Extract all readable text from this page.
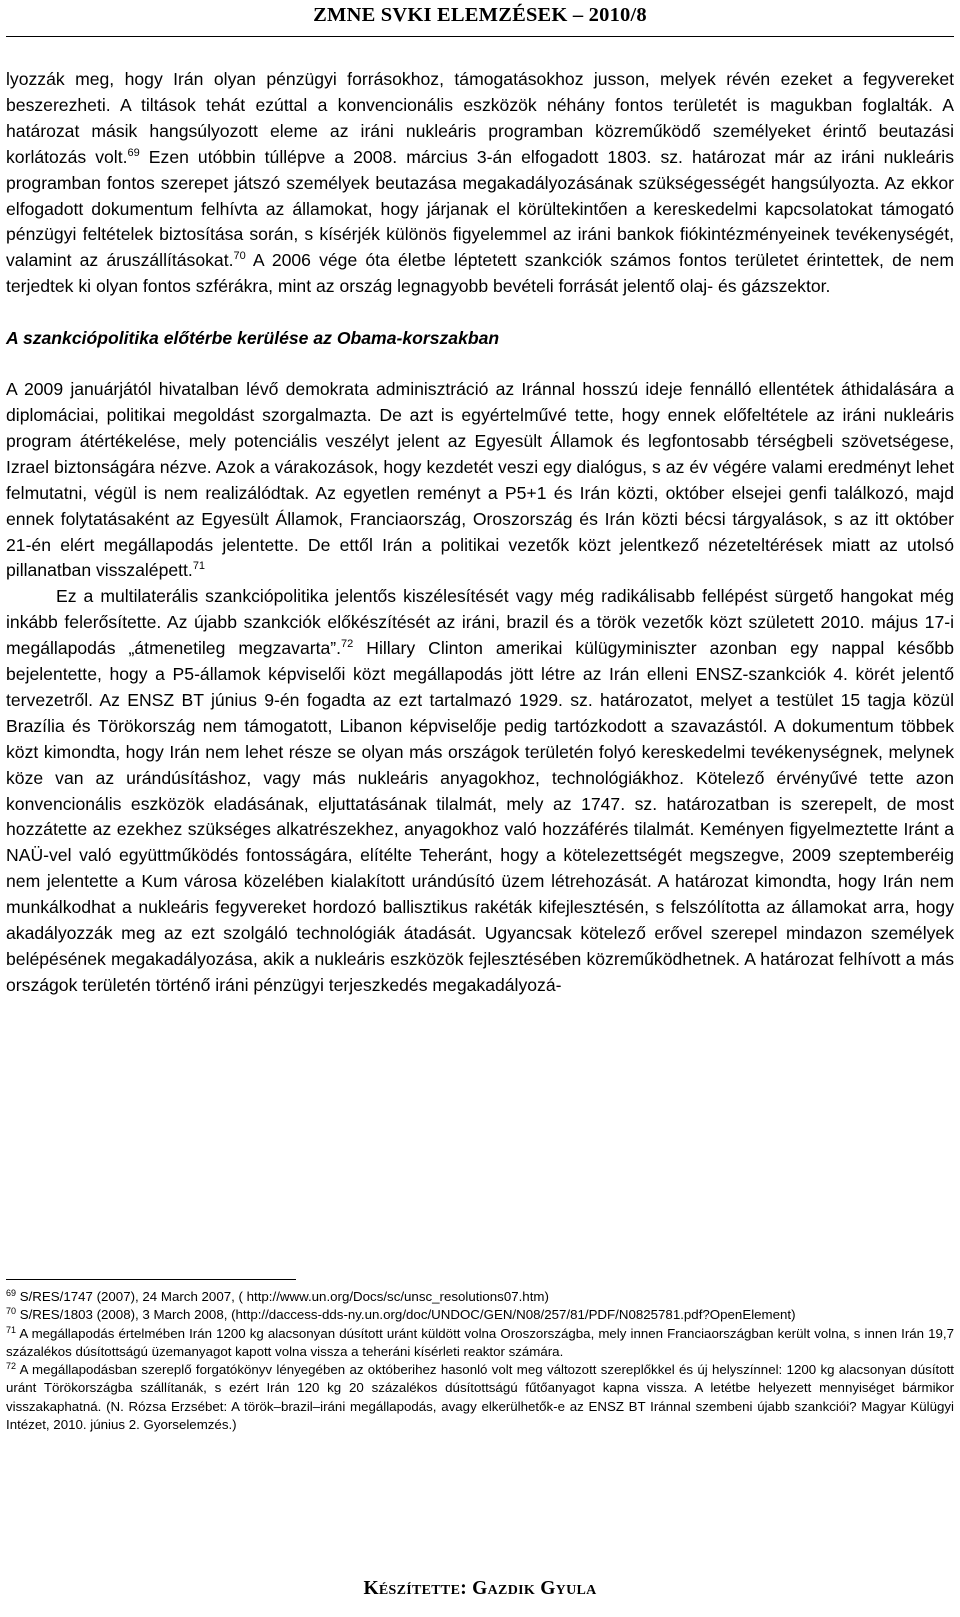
ZMNE SVKI ELEMZÉSEK – 2010/8

lyozzák meg, hogy Irán olyan pénzügyi forrásokhoz, támogatásokhoz jusson, melyek révén ezeket a fegyvereket beszerezheti. A tiltások tehát ezúttal a konvencionális eszközök néhány fontos területét is magukban foglalták. A határozat másik hangsúlyozott eleme az iráni nukleáris programban közreműködő személyeket érintő beutazási korlátozás volt.$^{69}$ Ezen utóbbin túllépve a 2008. március 3-án elfogadott 1803. sz. határozat már az iráni nukleáris programban fontos szerepet játszó személyek beutazása megakadályozásának szükségességét hangsúlyozta. Az ekkor elfogadott dokumentum felhívta az államokat, hogy járjanak el körültekintően a kereskedelmi kapcsolatokat támogató pénzügyi feltételek biztosítása során, s kísérjék különös figyelemmel az iráni bankok fiókintézményeinek tevékenységét, valamint az áruszállításokat.$^{70}$ A 2006 vége óta életbe léptetett szankciók számos fontos területet érintettek, de nem terjedtek ki olyan fontos szférákra, mint az ország legnagyobb bevételi forrását jelentő olaj- és gázszektor.

A szankciópolitika előtérbe kerülése az Obama-korszakban

A 2009 januárjától hivatalban lévő demokrata adminisztráció az Iránnal hosszú ideje fennálló ellentétek áthidalására a diplomáciai, politikai megoldást szorgalmazta. De azt is egyértelművé tette, hogy ennek előfeltétele az iráni nukleáris program átértékelése, mely potenciális veszélyt jelent az Egyesült Államok és legfontosabb térségbeli szövetségese, Izrael biztonságára nézve. Azok a várakozások, hogy kezdetét veszi egy dialógus, s az év végére valami eredményt lehet felmutatni, végül is nem realizálódtak. Az egyetlen reményt a P5+1 és Irán közti, október elsejei genfi találkozó, majd ennek folytatásaként az Egyesült Államok, Franciaország, Oroszország és Irán közti bécsi tárgyalások, s az itt október 21-én elért megállapodás jelentette. De ettől Irán a politikai vezetők közt jelentkező nézeteltérések miatt az utolsó pillanatban visszalépett.$^{71}$

Ez a multilaterális szankciópolitika jelentős kiszélesítését vagy még radikálisabb fellépést sürgető hangokat még inkább felerősítette. Az újabb szankciók előkészítését az iráni, brazil és a török vezetők közt született 2010. május 17-i megállapodás „átmenetileg megzavarta”.$^{72}$ Hillary Clinton amerikai külügyminiszter azonban egy nappal később bejelentette, hogy a P5-államok képviselői közt megállapodás jött létre az Irán elleni ENSZ-szankciók 4. körét jelentő tervezetről. Az ENSZ BT június 9-én fogadta az ezt tartalmazó 1929. sz. határozatot, melyet a testület 15 tagja közül Brazília és Törökország nem támogatott, Libanon képviselője pedig tartózkodott a szavazástól. A dokumentum többek közt kimondta, hogy Irán nem lehet része se olyan más országok területén folyó kereskedelmi tevékenységnek, melynek köze van az urándúsításhoz, vagy más nukleáris anyagokhoz, technológiákhoz. Kötelező érvényűvé tette azon konvencionális eszközök eladásának, eljuttatásának tilalmát, mely az 1747. sz. határozatban is szerepelt, de most hozzátette az ezekhez szükséges alkatrészekhez, anyagokhoz való hozzáférés tilalmát. Keményen figyelmeztette Iránt a NAÜ-vel való együttműködés fontosságára, elítélte Teheránt, hogy a kötelezettségét megszegve, 2009 szeptemberéig nem jelentette a Kum városa közelében kialakított urándúsító üzem létrehozását. A határozat kimondta, hogy Irán nem munkálkodhat a nukleáris fegyvereket hordozó ballisztikus rakéták kifejlesztésén, s felszólította az államokat arra, hogy akadályozzák meg az ezt szolgáló technológiák átadását. Ugyancsak kötelező erővel szerepel mindazon személyek belépésének megakadályozása, akik a nukleáris eszközök fejlesztésében közreműködhetnek. A határozat felhívott a más országok területén történő iráni pénzügyi terjeszkedés megakadályozá-

$^{69}$ S/RES/1747 (2007), 24 March 2007, ( http://www.un.org/Docs/sc/unsc_resolutions07.htm)

$^{70}$ S/RES/1803 (2008), 3 March 2008, (http://daccess-dds-ny.un.org/doc/UNDOC/GEN/N08/257/81/PDF/N0825781.pdf?OpenElement)

$^{71}$ A megállapodás értelmében Irán 1200 kg alacsonyan dúsított uránt küldött volna Oroszországba, mely innen Franciaországban került volna, s innen Irán 19,7 százalékos dúsítottságú üzemanyagot kapott volna vissza a teheráni kísérleti reaktor számára.

$^{72}$ A megállapodásban szereplő forgatókönyv lényegében az októberihez hasonló volt meg változott szereplőkkel és új helyszínnel: 1200 kg alacsonyan dúsított uránt Törökországba szállítanák, s ezért Irán 120 kg 20 százalékos dúsítottságú fűtőanyagot kapna vissza. A letétbe helyezett mennyiséget bármikor visszakaphatná. (N. Rózsa Erzsébet: A török–brazil–iráni megállapodás, avagy elkerülhetők-e az ENSZ BT Iránnal szembeni újabb szankciói? Magyar Külügyi Intézet, 2010. június 2. Gyorselemzés.)

Készítette: Gazdik Gyula
